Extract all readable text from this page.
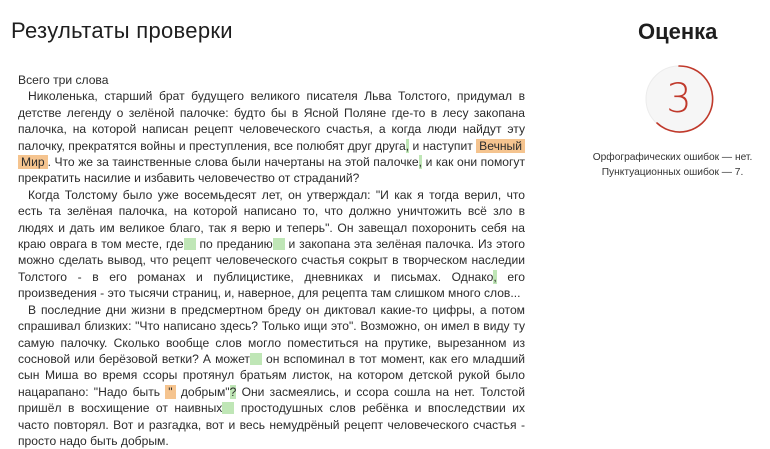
Результаты проверки	Оценка

Всего три слова

Николенька, старший брат будущего великого писателя Льва Толстого, придумал в детстве легенду о зелёной палочке: будто бы в Ясной Поляне где-то в лесу закопана палочка, на которой написан рецепт человеческого счастья, а когда люди найдут эту палочку, прекратятся войны и преступления, все полюбят друг друга, и наступит Вечный Мир . Что же за таинственные слова были начертаны на этой палочке, и как они помогут прекратить насилие и избавить человечество от страданий?

Когда Толстому было уже восемьдесят лет, он утверждал: "И как я тогда верил, что есть та зелёная палочка, на которой написано то, что должно уничтожить всё зло в людях и дать им великое благо, так я верю и теперь". Он завещал похоронить себя на краю оврага в том месте, где по преданию и закопана эта зелёная палочка. Из этого можно сделать вывод, что рецепт человеческого счастья сокрыт в творческом наследии Толстого - в его романах и публицистике, дневниках и письмах. Однако, его произведения - это тысячи страниц, и, наверное, для рецепта там слишком много слов...

В последние дни жизни в предсмертном бреду он диктовал какие-то цифры, а потом спрашивал близких: "Что написано здесь? Только ищи это". Возможно, он имел в виду ту самую палочку. Сколько вообще слов могло поместиться на прутике, вырезанном из сосновой или берёзовой ветки? А может он вспоминал в тот момент, как его младший сын Миша во время ссоры протянул братьям листок, на котором детской рукой было нацарапано: "Надо быть " добрым"? Они засмеялись, и ссора сошла на нет. Толстой пришёл в восхищение от наивных простодушных слов ребёнка и впоследствии их часто повторял. Вот и разгадка, вот и весь немудрёный рецепт человеческого счастья - просто надо быть добрым.

3
Орфографических ошибок — нет.
Пунктуационных ошибок — 7.
